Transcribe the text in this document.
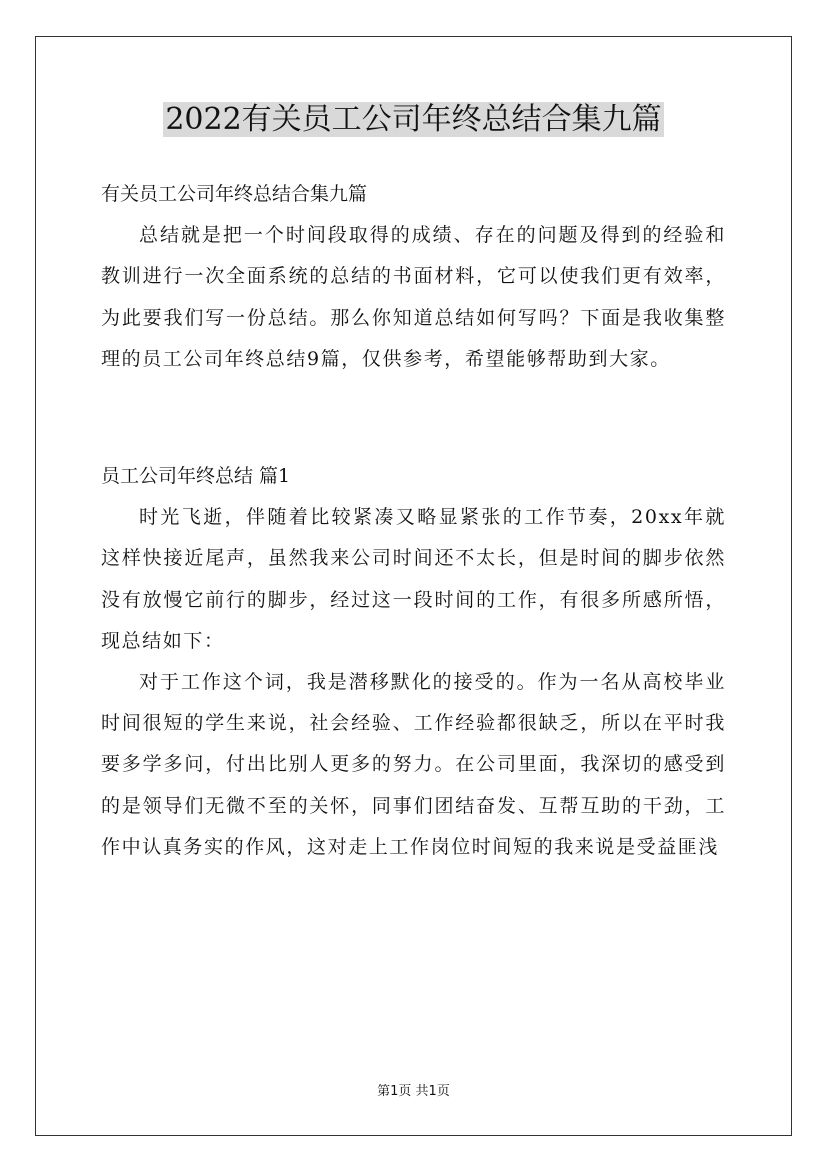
2022有关员工公司年终总结合集九篇
有关员工公司年终总结合集九篇

总结就是把一个时间段取得的成绩、存在的问题及得到的经验和教训进行一次全面系统的总结的书面材料，它可以使我们更有效率，为此要我们写一份总结。那么你知道总结如何写吗？下面是我收集整理的员工公司年终总结9篇，仅供参考，希望能够帮助到大家。

员工公司年终总结 篇1

时光飞逝，伴随着比较紧凑又略显紧张的工作节奏，20xx年就这样快接近尾声，虽然我来公司时间还不太长，但是时间的脚步依然没有放慢它前行的脚步，经过这一段时间的工作，有很多所感所悟，现总结如下：

对于工作这个词，我是潜移默化的接受的。作为一名从高校毕业时间很短的学生来说，社会经验、工作经验都很缺乏，所以在平时我要多学多问，付出比别人更多的努力。在公司里面，我深切的感受到的是领导们无微不至的关怀，同事们团结奋发、互帮互助的干劲，工作中认真务实的作风，这对走上工作岗位时间短的我来说是受益匪浅

第1页 共1页
